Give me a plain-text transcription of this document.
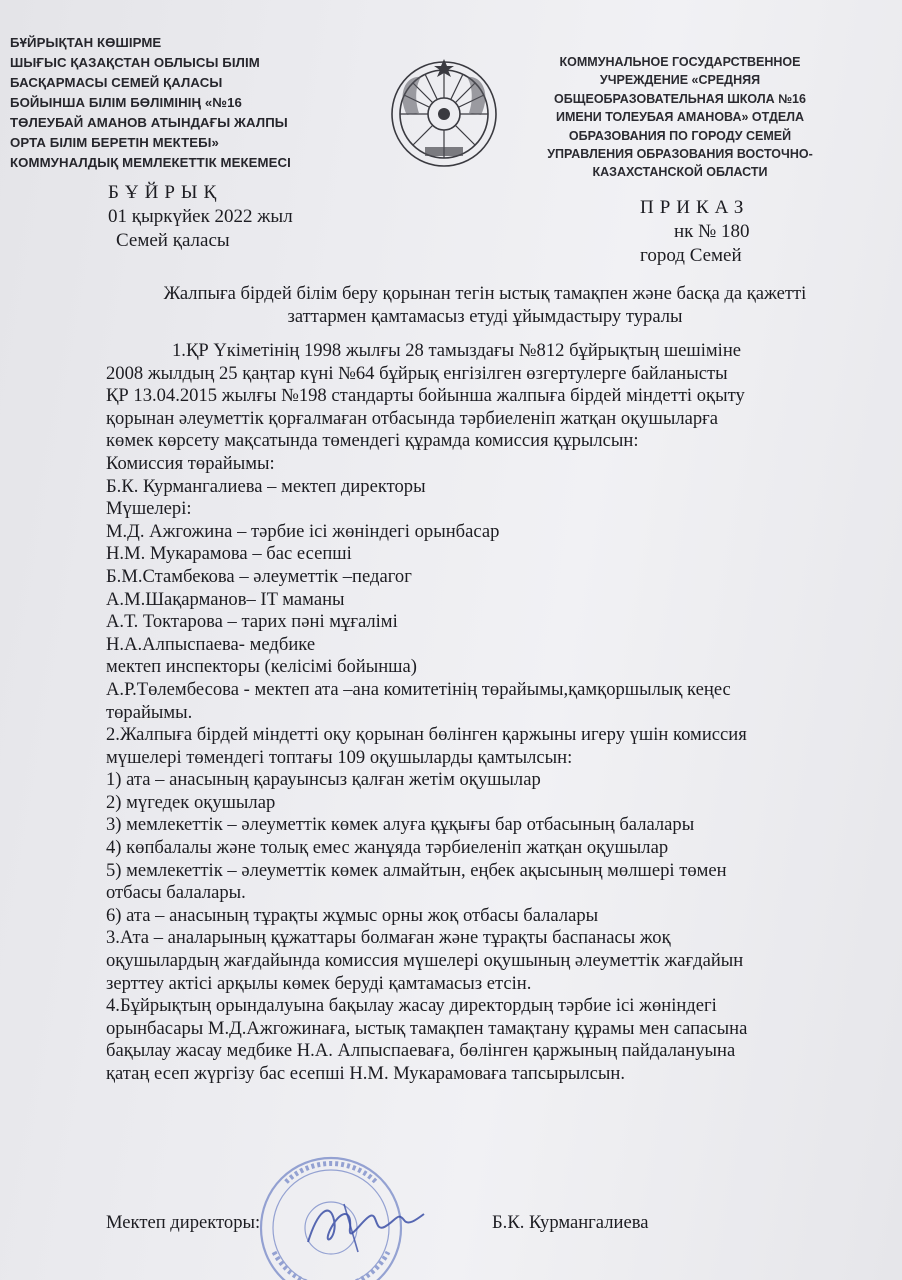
БҰЙРЫҚТАН КӨШІРМЕ
ШЫҒЫС ҚАЗАҚСТАН ОБЛЫСЫ БІЛІМ
БАСҚАРМАСЫ СЕМЕЙ ҚАЛАСЫ
БОЙЫНША БІЛІМ БӨЛІМІНІҢ «№16
ТӨЛЕУБАЙ АМАНОВ АТЫНДАҒЫ ЖАЛПЫ
ОРТА БІЛІМ БЕРЕТІН МЕКТЕБІ»
КОММУНАЛДЫҚ МЕМЛЕКЕТТІК МЕКЕМЕСІ
КОММУНАЛЬНОЕ ГОСУДАРСТВЕННОЕ
УЧРЕЖДЕНИЕ «СРЕДНЯЯ
ОБЩЕОБРАЗОВАТЕЛЬНАЯ ШКОЛА №16
ИМЕНИ ТОЛЕУБАЯ АМАНОВА» ОТДЕЛА
ОБРАЗОВАНИЯ ПО ГОРОДУ СЕМЕЙ
УПРАВЛЕНИЯ ОБРАЗОВАНИЯ ВОСТОЧНО-
КАЗАХСТАНСКОЙ ОБЛАСТИ
БҰЙРЫҚ
01 қыркүйек 2022 жыл
Семей қаласы
ПРИКАЗ
нк № 180
город Семей
Жалпыға бірдей білім беру қорынан тегін ыстық тамақпен және басқа да қажетті
заттармен қамтамасыз етуді ұйымдастыру туралы
1.ҚР Үкіметінің 1998 жылғы 28 тамыздағы №812 бұйрықтың шешіміне
2008 жылдың 25 қаңтар күні №64 бұйрық енгізілген өзгертулерге байланысты
ҚР 13.04.2015 жылғы №198 стандарты бойынша жалпыға бірдей міндетті оқыту
қорынан әлеуметтік қорғалмаған отбасында тәрбиеленіп жатқан оқушыларға
көмек көрсету мақсатында төмендегі құрамда комиссия құрылсын:
Комиссия төрайымы:
Б.К. Курмангалиева – мектеп директоры
Мүшелері:
М.Д. Ажгожина – тәрбие ісі жөніндегі орынбасар
Н.М. Мукарамова – бас есепші
Б.М.Стамбекова – әлеуметтік –педагог
А.М.Шақарманов– IT маманы
А.Т. Токтарова – тарих пәні мұғалімі
Н.А.Алпыспаева- медбике
мектеп инспекторы (келісімі бойынша)
А.Р.Төлембесова - мектеп ата –ана комитетінің төрайымы,қамқоршылық кеңес
төрайымы.
2.Жалпыға бірдей міндетті оқу қорынан бөлінген қаржыны игеру үшін комиссия
мүшелері төмендегі топтағы 109 оқушыларды қамтылсын:
1) ата – анасының қарауынсыз қалған жетім оқушылар
2) мүгедек оқушылар
3) мемлекеттік – әлеуметтік көмек алуға құқығы бар отбасының балалары
4) көпбалалы және толық емес жанұяда тәрбиеленіп жатқан оқушылар
5) мемлекеттік – әлеуметтік көмек алмайтын, еңбек ақысының мөлшері төмен
отбасы балалары.
6) ата – анасының тұрақты жұмыс орны жоқ отбасы балалары
3.Ата – аналарының құжаттары болмаған және тұрақты баспанасы жоқ
оқушылардың жағдайында комиссия мүшелері оқушының әлеуметтік жағдайын
зерттеу актісі арқылы көмек беруді қамтамасыз етсін.
4.Бұйрықтың орындалуына бақылау жасау директордың тәрбие ісі жөніндегі
орынбасары М.Д.Ажгожинаға, ыстық тамақпен тамақтану құрамы мен сапасына
бақылау жасау медбике Н.А. Алпыспаеваға, бөлінген қаржының пайдалануына
қатаң есеп жүргізу бас есепші Н.М. Мукарамоваға тапсырылсын.
Мектеп директоры:	Б.К. Курмангалиева
